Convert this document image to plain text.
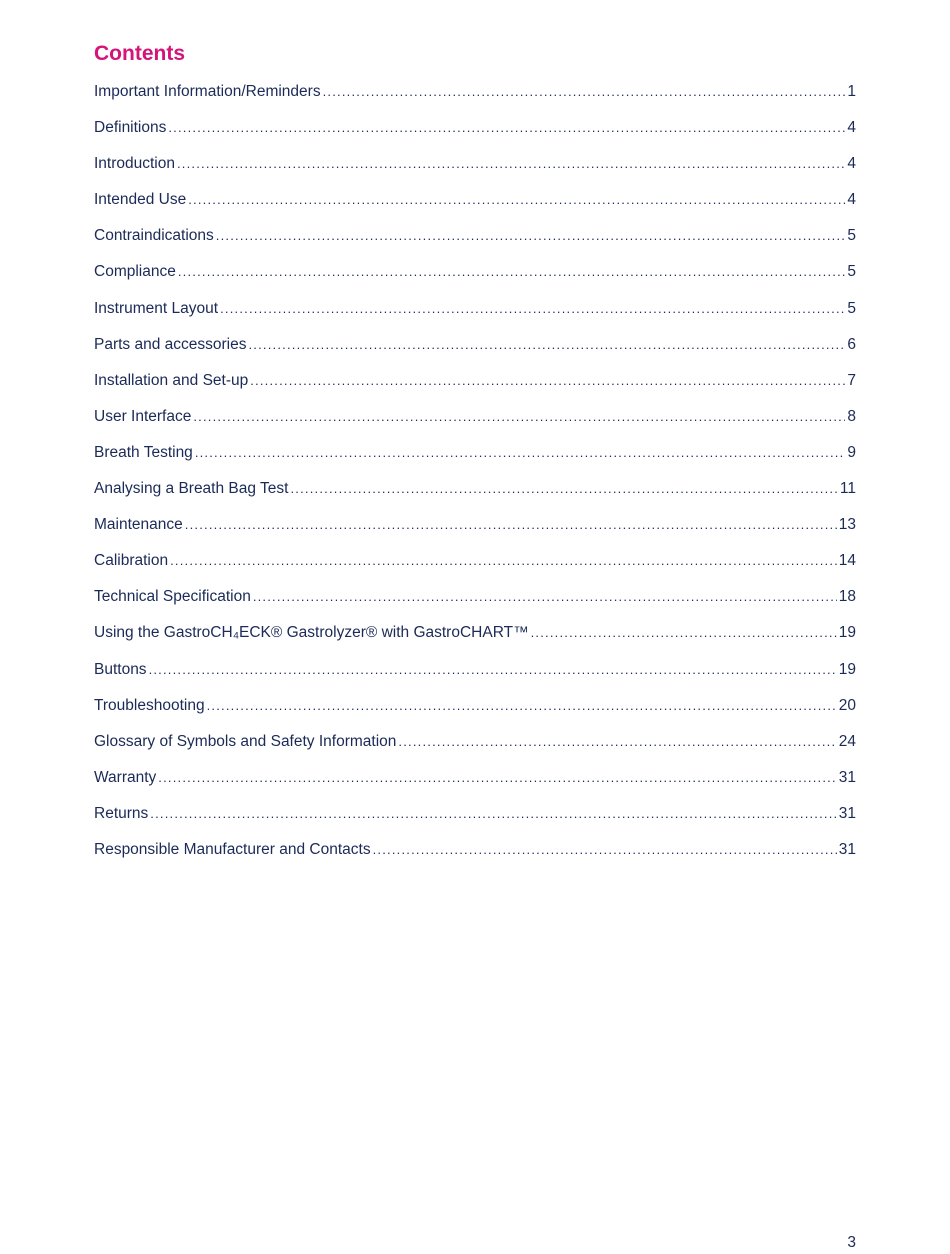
Contents
Important Information/Reminders .....	1
Definitions .....	4
Introduction .....	4
Intended Use .....	4
Contraindications .....	5
Compliance .....	5
Instrument Layout .....	5
Parts and accessories .....	6
Installation and Set-up .....	7
User Interface .....	8
Breath Testing .....	9
Analysing a Breath Bag Test .....	11
Maintenance .....	13
Calibration .....	14
Technical Specification .....	18
Using the GastroCH₄ECK® Gastrolyzer® with GastroCHART™ .....	19
Buttons .....	19
Troubleshooting .....	20
Glossary of Symbols and Safety Information .....	24
Warranty .....	31
Returns .....	31
Responsible Manufacturer and Contacts .....	31
3
